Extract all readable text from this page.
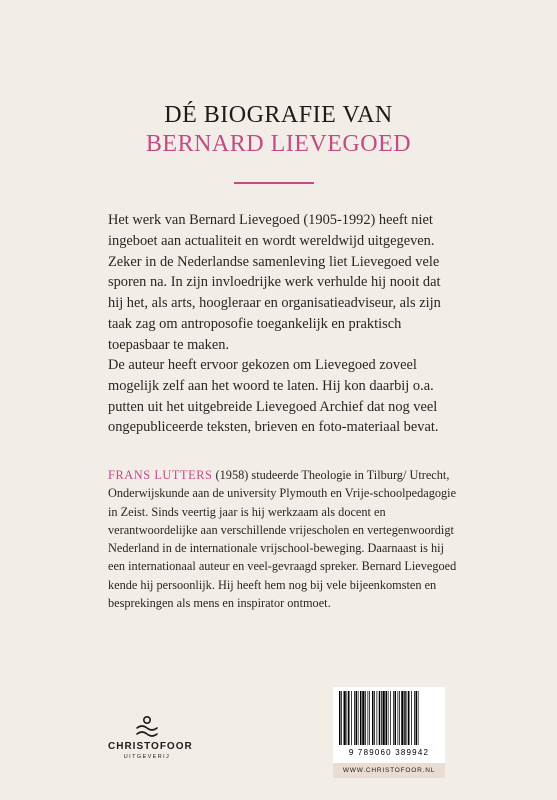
DÉ BIOGRAFIE VAN
BERNARD LIEVEGOED

Het werk van Bernard Lievegoed (1905-1992) heeft niet ingeboet aan actualiteit en wordt wereldwijd uitgegeven. Zeker in de Nederlandse samenleving liet Lievegoed vele sporen na. In zijn invloedrijke werk verhulde hij nooit dat hij het, als arts, hoogleraar en organisatieadviseur, als zijn taak zag om antroposofie toegankelijk en praktisch toepasbaar te maken.

De auteur heeft ervoor gekozen om Lievegoed zoveel mogelijk zelf aan het woord te laten. Hij kon daarbij o.a. putten uit het uitgebreide Lievegoed Archief dat nog veel ongepubliceerde teksten, brieven en foto-materiaal bevat.

FRANS LUTTERS (1958) studeerde Theologie in Tilburg/ Utrecht, Onderwijskunde aan de university Plymouth en Vrije-schoolpedagogie in Zeist. Sinds veertig jaar is hij werkzaam als docent en verantwoordelijke aan verschillende vrijescholen en vertegenwoordigt Nederland in de internationale vrijschool-beweging. Daarnaast is hij een internationaal auteur en veel-gevraagd spreker. Bernard Lievegoed kende hij persoonlijk. Hij heeft hem nog bij vele bijeenkomsten en besprekingen als mens en inspirator ontmoet.

CHRISTOFOOR
UITGEVERIJ	9 789060 389942
WWW.CHRISTOFOOR.NL
